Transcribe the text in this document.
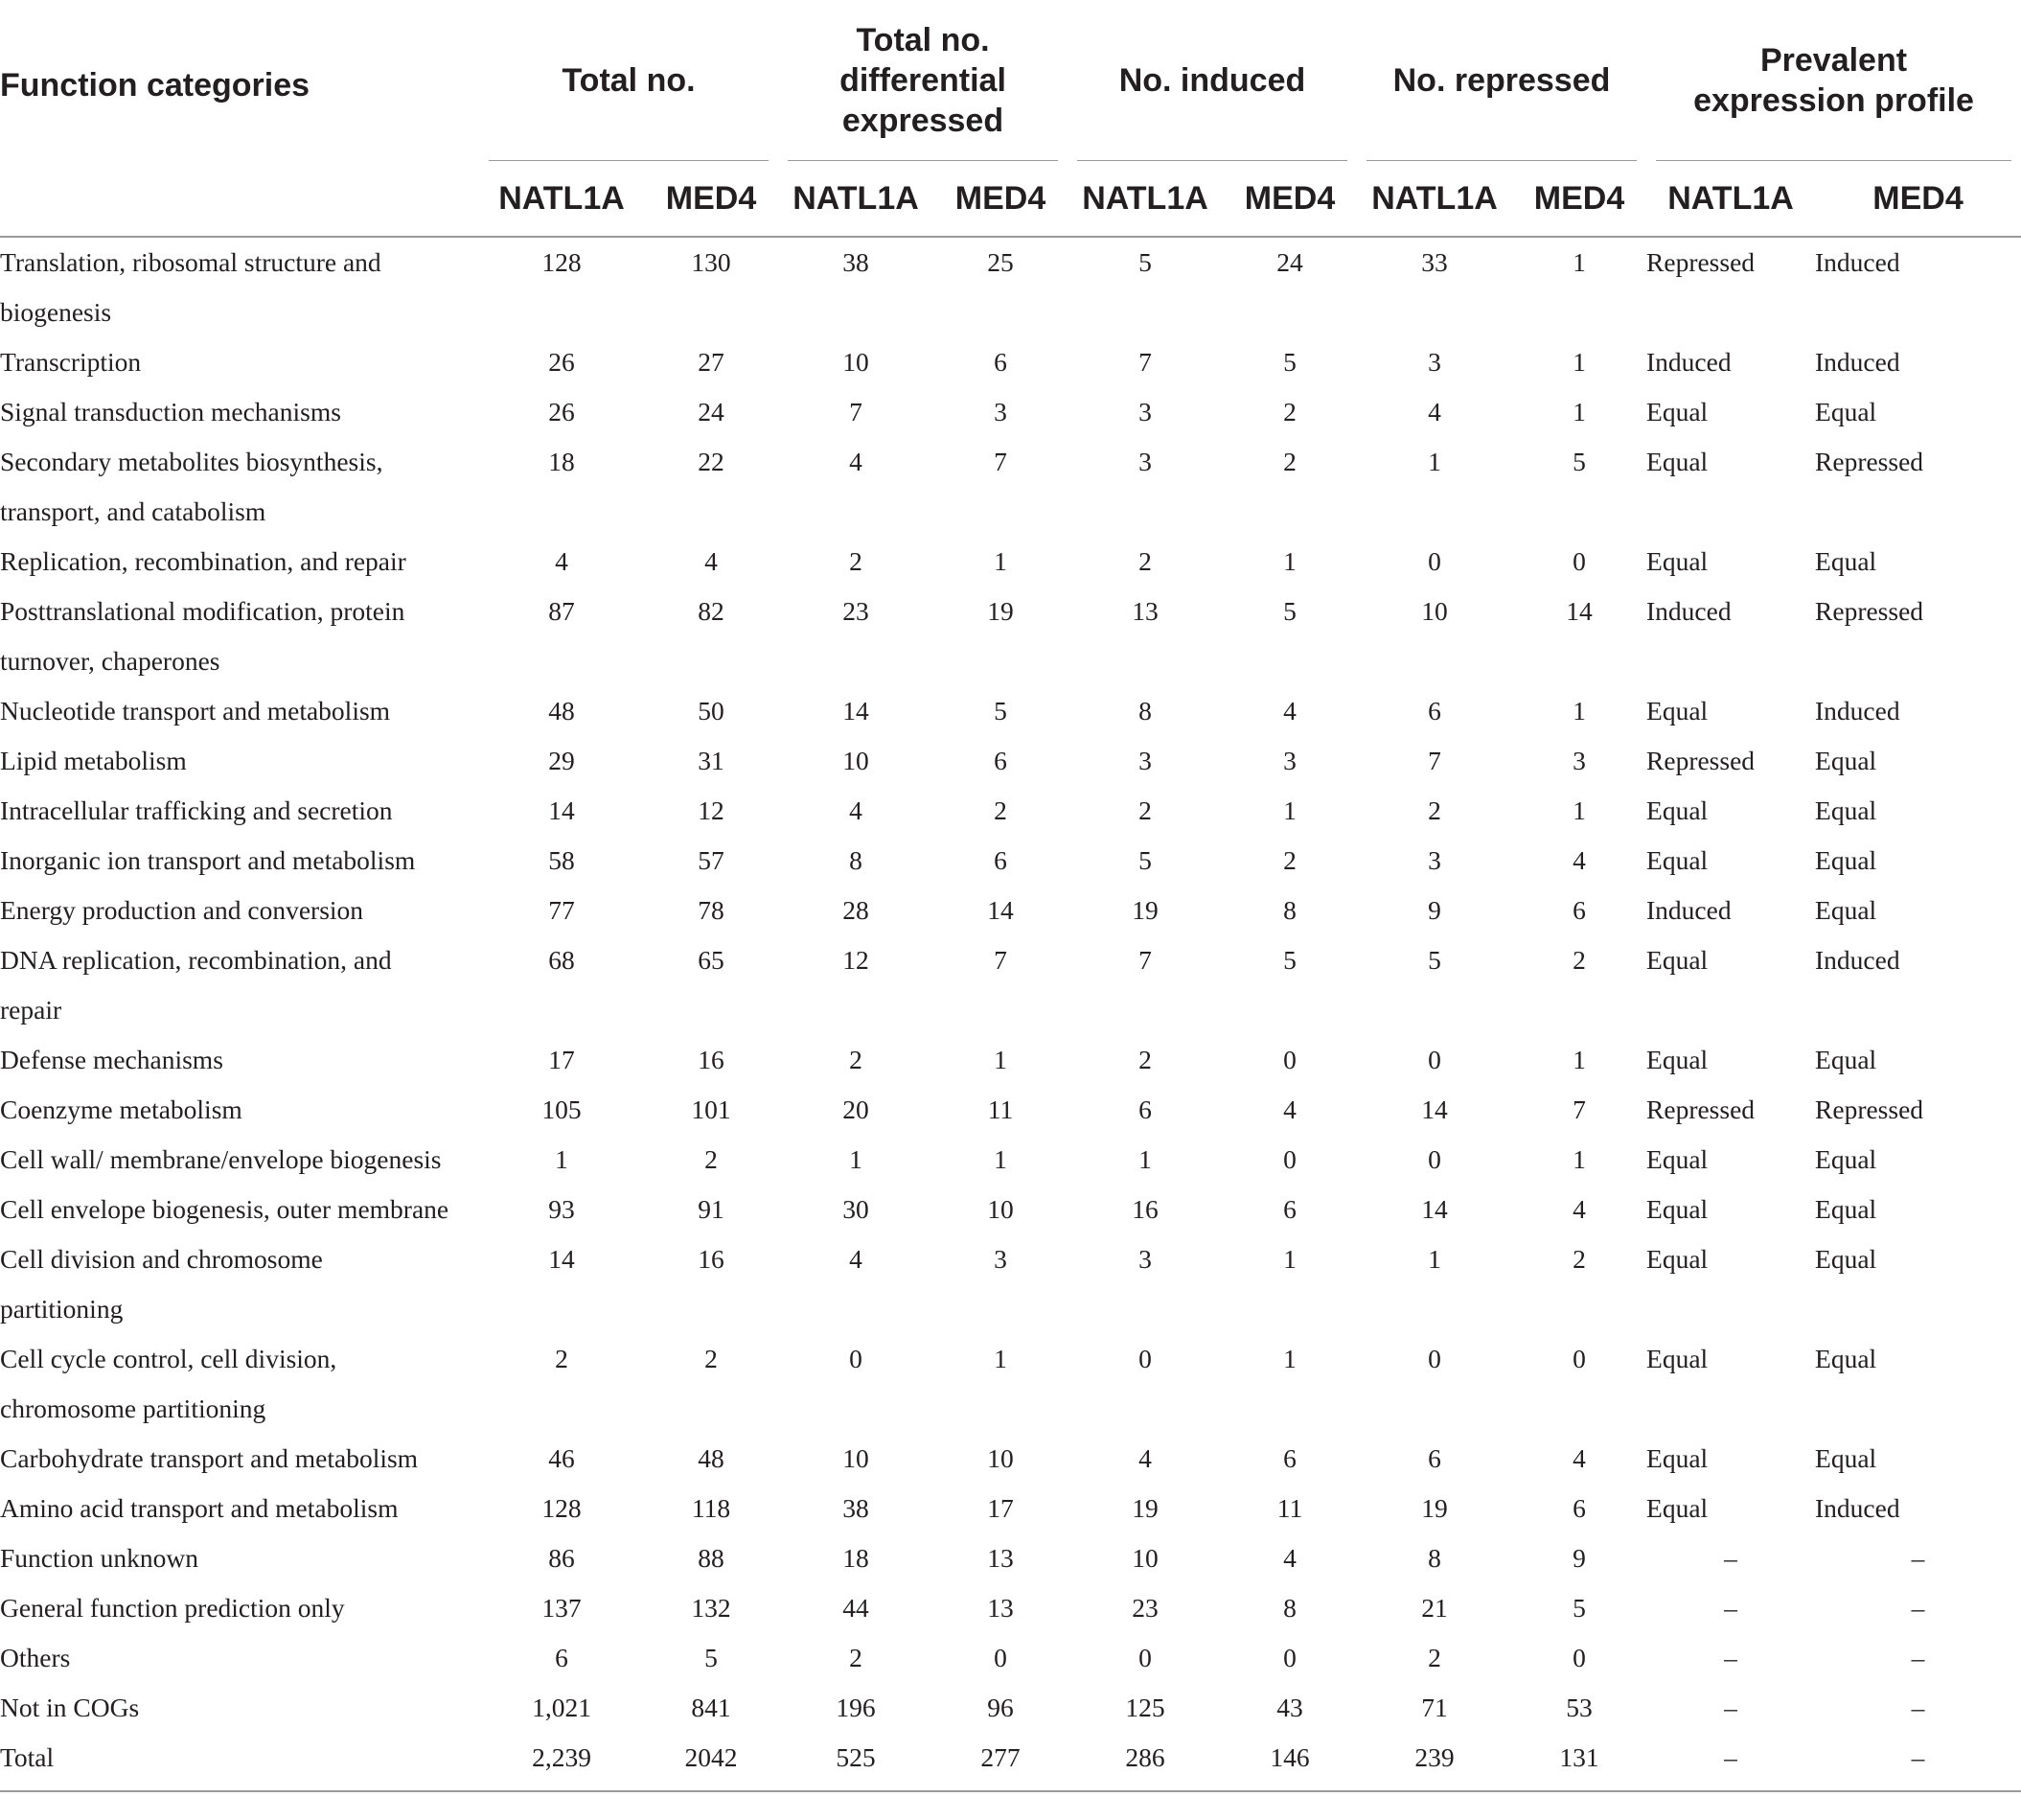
Function categories	Total no.		Total no.
differential
expressed		No. induced		No. repressed		Prevalent
expression profile	

	NATL1A	MED4	NATL1A	MED4	NATL1A	MED4	NATL1A	MED4	NATL1A	MED4

Translation, ribosomal structure and
biogenesis	128	130	38	25	5	24	33	1	Repressed	Induced

Transcription	26	27	10	6	7	5	3	1	Induced	Induced

Signal transduction mechanisms	26	24	7	3	3	2	4	1	Equal	Equal

Secondary metabolites biosynthesis,
transport, and catabolism	18	22	4	7	3	2	1	5	Equal	Repressed

Replication, recombination, and repair	4	4	2	1	2	1	0	0	Equal	Equal

Posttranslational modification, protein
turnover, chaperones	87	82	23	19	13	5	10	14	Induced	Repressed

Nucleotide transport and metabolism	48	50	14	5	8	4	6	1	Equal	Induced

Lipid metabolism	29	31	10	6	3	3	7	3	Repressed	Equal

Intracellular trafficking and secretion	14	12	4	2	2	1	2	1	Equal	Equal

Inorganic ion transport and metabolism	58	57	8	6	5	2	3	4	Equal	Equal

Energy production and conversion	77	78	28	14	19	8	9	6	Induced	Equal

DNA replication, recombination, and
repair	68	65	12	7	7	5	5	2	Equal	Induced

Defense mechanisms	17	16	2	1	2	0	0	1	Equal	Equal

Coenzyme metabolism	105	101	20	11	6	4	14	7	Repressed	Repressed

Cell wall/ membrane/envelope biogenesis	1	2	1	1	1	0	0	1	Equal	Equal

Cell envelope biogenesis, outer membrane	93	91	30	10	16	6	14	4	Equal	Equal

Cell division and chromosome
partitioning	14	16	4	3	3	1	1	2	Equal	Equal

Cell cycle control, cell division,
chromosome partitioning	2	2	0	1	0	1	0	0	Equal	Equal

Carbohydrate transport and metabolism	46	48	10	10	4	6	6	4	Equal	Equal

Amino acid transport and metabolism	128	118	38	17	19	11	19	6	Equal	Induced

Function unknown	86	88	18	13	10	4	8	9	–	–

General function prediction only	137	132	44	13	23	8	21	5	–	–

Others	6	5	2	0	0	0	2	0	–	–

Not in COGs	1,021	841	196	96	125	43	71	53	–	–

Total	2,239	2042	525	277	286	146	239	131	–	–
